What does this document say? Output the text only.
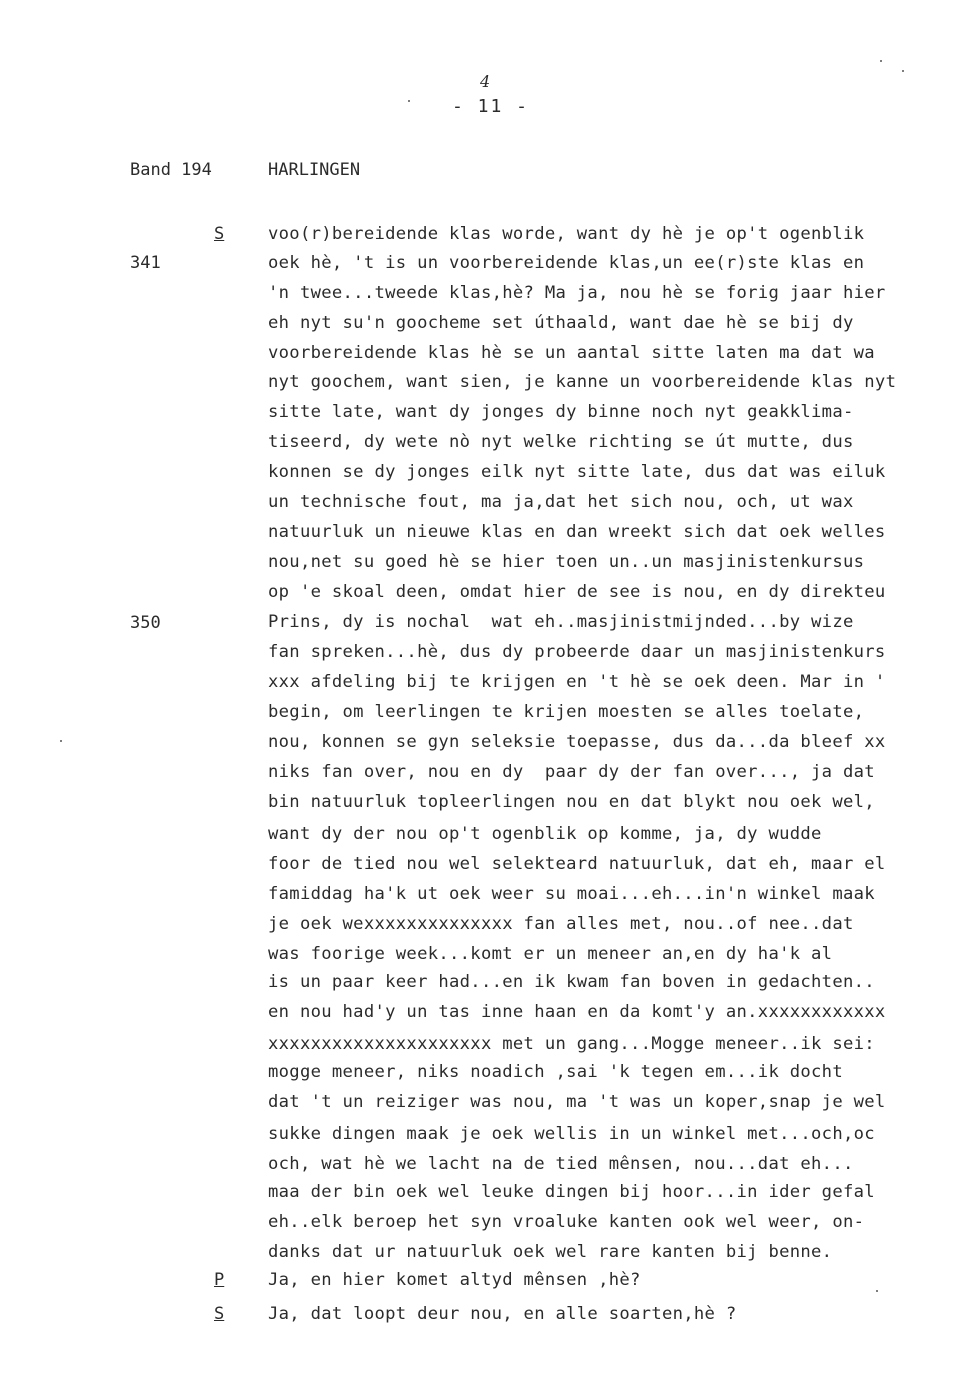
4
- 11 -
Band 194	HARLINGEN
341
350
S
P
S
voo(r)bereidende klas worde, want dy hè je op't ogenblik
oek hè, 't is un voorbereidende klas,un ee(r)ste klas en
'n twee...tweede klas,hè? Ma ja, nou hè se forig jaar hier
eh nyt su'n goocheme set úthaald, want dae hè se bij dy
voorbereidende klas hè se un aantal sitte laten ma dat wa
nyt goochem, want sien, je kanne un voorbereidende klas nyt
sitte late, want dy jonges dy binne noch nyt geakklima-
tiseerd, dy wete nò nyt welke richting se út mutte, dus
konnen se dy jonges eilk nyt sitte late, dus dat was eiluk
un technische fout, ma ja,dat het sich nou, och, ut wax
natuurluk un nieuwe klas en dan wreekt sich dat oek welles
nou,net su goed hè se hier toen un..un masjinistenkursus
op 'e skoal deen, omdat hier de see is nou, en dy direkteu
Prins, dy is nochal  wat eh..masjinistmijnded...by wize
fan spreken...hè, dus dy probeerde daar un masjinistenkurs
xxx afdeling bij te krijgen en 't hè se oek deen. Mar in '
begin, om leerlingen te krijen moesten se alles toelate,
nou, konnen se gyn seleksie toepasse, dus da...da bleef xx
niks fan over, nou en dy  paar dy der fan over..., ja dat
bin natuurluk topleerlingen nou en dat blykt nou oek wel,
want dy der nou op't ogenblik op komme, ja, dy wudde
foor de tied nou wel selekteard natuurluk, dat eh, maar el
famiddag ha'k ut oek weer su moai...eh...in'n winkel maak
je oek wexxxxxxxxxxxxxx fan alles met, nou..of nee..dat
was foorige week...komt er un meneer an,en dy ha'k al
is un paar keer had...en ik kwam fan boven in gedachten..
en nou had'y un tas inne haan en da komt'y an.xxxxxxxxxxxx
xxxxxxxxxxxxxxxxxxxxx met un gang...Mogge meneer..ik sei:
mogge meneer, niks noadich ,sai 'k tegen em...ik docht
dat 't un reiziger was nou, ma 't was un koper,snap je wel
sukke dingen maak je oek wellis in un winkel met...och,oc
och, wat hè we lacht na de tied mênsen, nou...dat eh...
maa der bin oek wel leuke dingen bij hoor...in ider gefal
eh..elk beroep het syn vroaluke kanten ook wel weer, on-
danks dat ur natuurluk oek wel rare kanten bij benne.
Ja, en hier komet altyd mênsen ,hè?
Ja, dat loopt deur nou, en alle soarten,hè ?
